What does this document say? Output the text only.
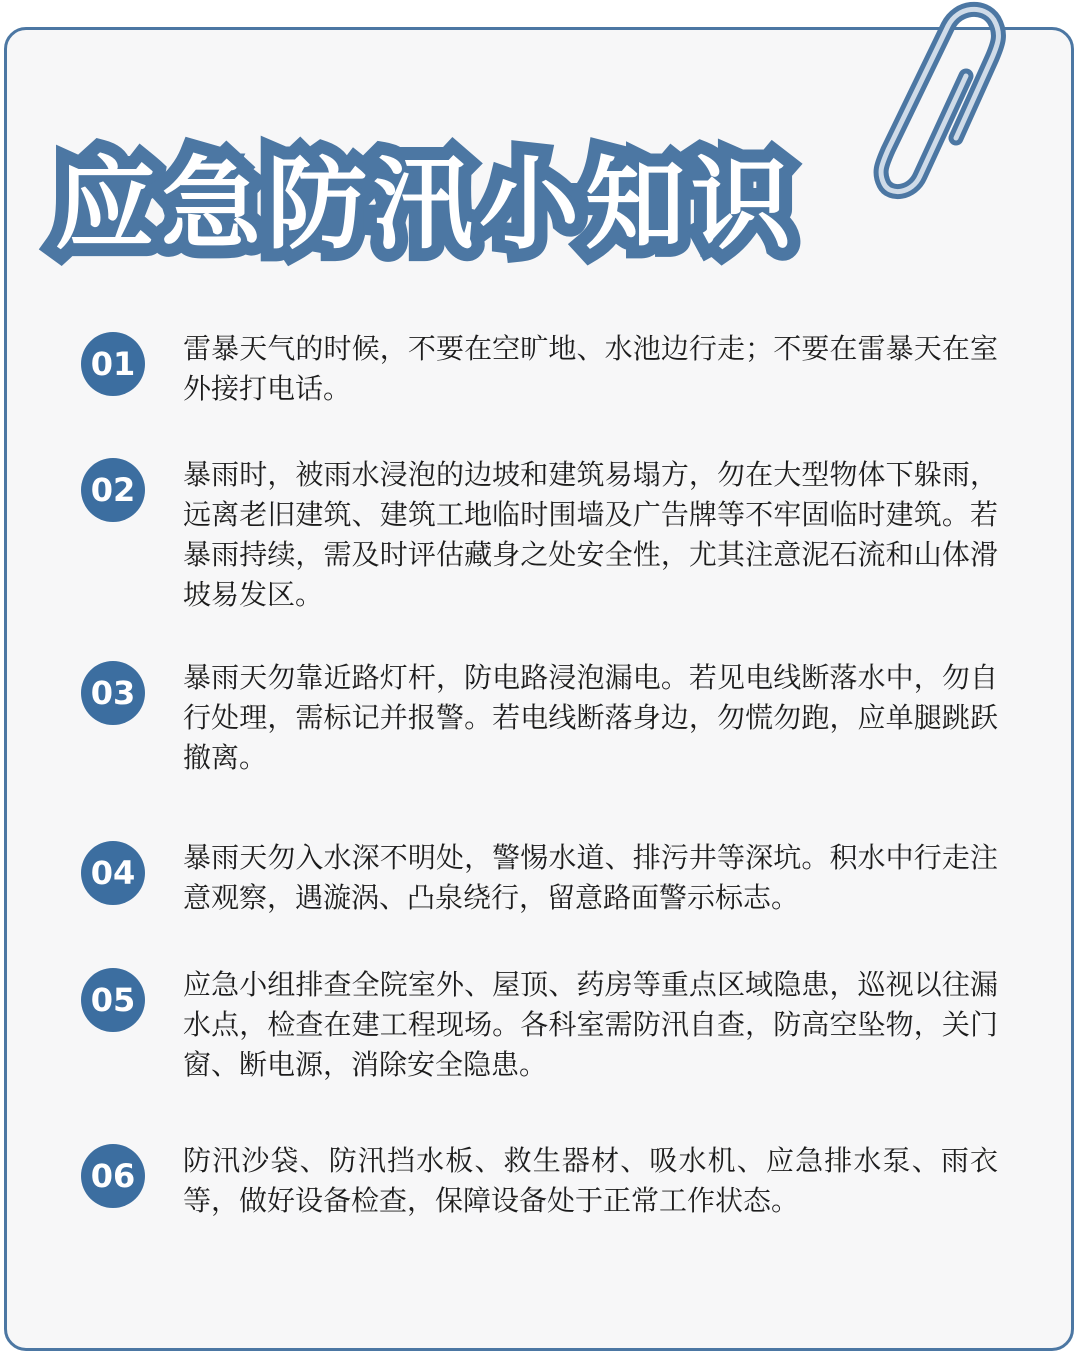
应急防汛小知识
01	雷暴天气的时候，不要在空旷地、水池边行走；不要在雷暴天在室外接打电话。

02	暴雨时，被雨水浸泡的边坡和建筑易塌方，勿在大型物体下躲雨，远离老旧建筑、建筑工地临时围墙及广告牌等不牢固临时建筑。若暴雨持续，需及时评估藏身之处安全性，尤其注意泥石流和山体滑坡易发区。

03	暴雨天勿靠近路灯杆，防电路浸泡漏电。若见电线断落水中，勿自行处理，需标记并报警。若电线断落身边，勿慌勿跑，应单腿跳跃撤离。

04	暴雨天勿入水深不明处，警惕水道、排污井等深坑。积水中行走注意观察，遇漩涡、凸泉绕行，留意路面警示标志。

05	应急小组排查全院室外、屋顶、药房等重点区域隐患，巡视以往漏水点，检查在建工程现场。各科室需防汛自查，防高空坠物，关门窗、断电源，消除安全隐患。

06	防汛沙袋、防汛挡水板、救生器材、吸水机、应急排水泵、雨衣等，做好设备检查，保障设备处于正常工作状态。
